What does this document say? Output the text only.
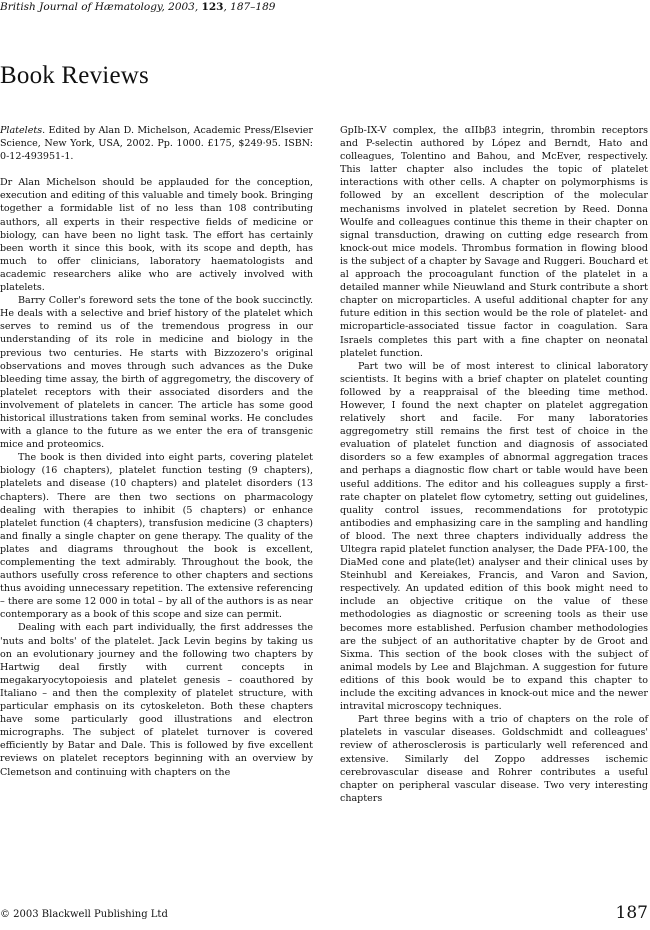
British Journal of Hæmatology, 2003, 123, 187–189
Book Reviews

Platelets. Edited by Alan D. Michelson, Academic Press/Elsevier Science, New York, USA, 2002. Pp. 1000. £175, $249·95. ISBN: 0-12-493951-1.

Dr Alan Michelson should be applauded for the conception, execution and editing of this valuable and timely book. Bringing together a formidable list of no less than 108 contributing authors, all experts in their respective fields of medicine or biology, can have been no light task. The effort has certainly been worth it since this book, with its scope and depth, has much to offer clinicians, laboratory haematologists and academic researchers alike who are actively involved with platelets.

Barry Coller's foreword sets the tone of the book succinctly. He deals with a selective and brief history of the platelet which serves to remind us of the tremendous progress in our understanding of its role in medicine and biology in the previous two centuries. He starts with Bizzozero's original observations and moves through such advances as the Duke bleeding time assay, the birth of aggregometry, the discovery of platelet receptors with their associated disorders and the involvement of platelets in cancer. The article has some good historical illustrations taken from seminal works. He concludes with a glance to the future as we enter the era of transgenic mice and proteomics.

The book is then divided into eight parts, covering platelet biology (16 chapters), platelet function testing (9 chapters), platelets and disease (10 chapters) and platelet disorders (13 chapters). There are then two sections on pharmacology dealing with therapies to inhibit (5 chapters) or enhance platelet function (4 chapters), transfusion medicine (3 chapters) and finally a single chapter on gene therapy. The quality of the plates and diagrams throughout the book is excellent, complementing the text admirably. Throughout the book, the authors usefully cross reference to other chapters and sections thus avoiding unnecessary repetition. The extensive referencing – there are some 12 000 in total – by all of the authors is as near contemporary as a book of this scope and size can permit.

Dealing with each part individually, the first addresses the 'nuts and bolts' of the platelet. Jack Levin begins by taking us on an evolutionary journey and the following two chapters by Hartwig deal firstly with current concepts in megakaryocytopoiesis and platelet genesis – coauthored by Italiano – and then the complexity of platelet structure, with particular emphasis on its cytoskeleton. Both these chapters have some particularly good illustrations and electron micrographs. The subject of platelet turnover is covered efficiently by Batar and Dale. This is followed by five excellent reviews on platelet receptors beginning with an overview by Clemetson and continuing with chapters on the

GpIb-IX-V complex, the αIIbβ3 integrin, thrombin receptors and P-selectin authored by López and Berndt, Hato and colleagues, Tolentino and Bahou, and McEver, respectively. This latter chapter also includes the topic of platelet interactions with other cells. A chapter on polymorphisms is followed by an excellent description of the molecular mechanisms involved in platelet secretion by Reed. Donna Woulfe and colleagues continue this theme in their chapter on signal transduction, drawing on cutting edge research from knock-out mice models. Thrombus formation in flowing blood is the subject of a chapter by Savage and Ruggeri. Bouchard et al approach the procoagulant function of the platelet in a detailed manner while Nieuwland and Sturk contribute a short chapter on microparticles. A useful additional chapter for any future edition in this section would be the role of platelet- and microparticle-associated tissue factor in coagulation. Sara Israels completes this part with a fine chapter on neonatal platelet function.

Part two will be of most interest to clinical laboratory scientists. It begins with a brief chapter on platelet counting followed by a reappraisal of the bleeding time method. However, I found the next chapter on platelet aggregation relatively short and facile. For many laboratories aggregometry still remains the first test of choice in the evaluation of platelet function and diagnosis of associated disorders so a few examples of abnormal aggregation traces and perhaps a diagnostic flow chart or table would have been useful additions. The editor and his colleagues supply a first-rate chapter on platelet flow cytometry, setting out guidelines, quality control issues, recommendations for prototypic antibodies and emphasizing care in the sampling and handling of blood. The next three chapters individually address the Ultegra rapid platelet function analyser, the Dade PFA-100, the DiaMed cone and plate(let) analyser and their clinical uses by Steinhubl and Kereiakes, Francis, and Varon and Savion, respectively. An updated edition of this book might need to include an objective critique on the value of these methodologies as diagnostic or screening tools as their use becomes more established. Perfusion chamber methodologies are the subject of an authoritative chapter by de Groot and Sixma. This section of the book closes with the subject of animal models by Lee and Blajchman. A suggestion for future editions of this book would be to expand this chapter to include the exciting advances in knock-out mice and the newer intravital microscopy techniques.

Part three begins with a trio of chapters on the role of platelets in vascular diseases. Goldschmidt and colleagues' review of atherosclerosis is particularly well referenced and extensive. Similarly del Zoppo addresses ischemic cerebrovascular disease and Rohrer contributes a useful chapter on peripheral vascular disease. Two very interesting chapters

© 2003 Blackwell Publishing Ltd	187
